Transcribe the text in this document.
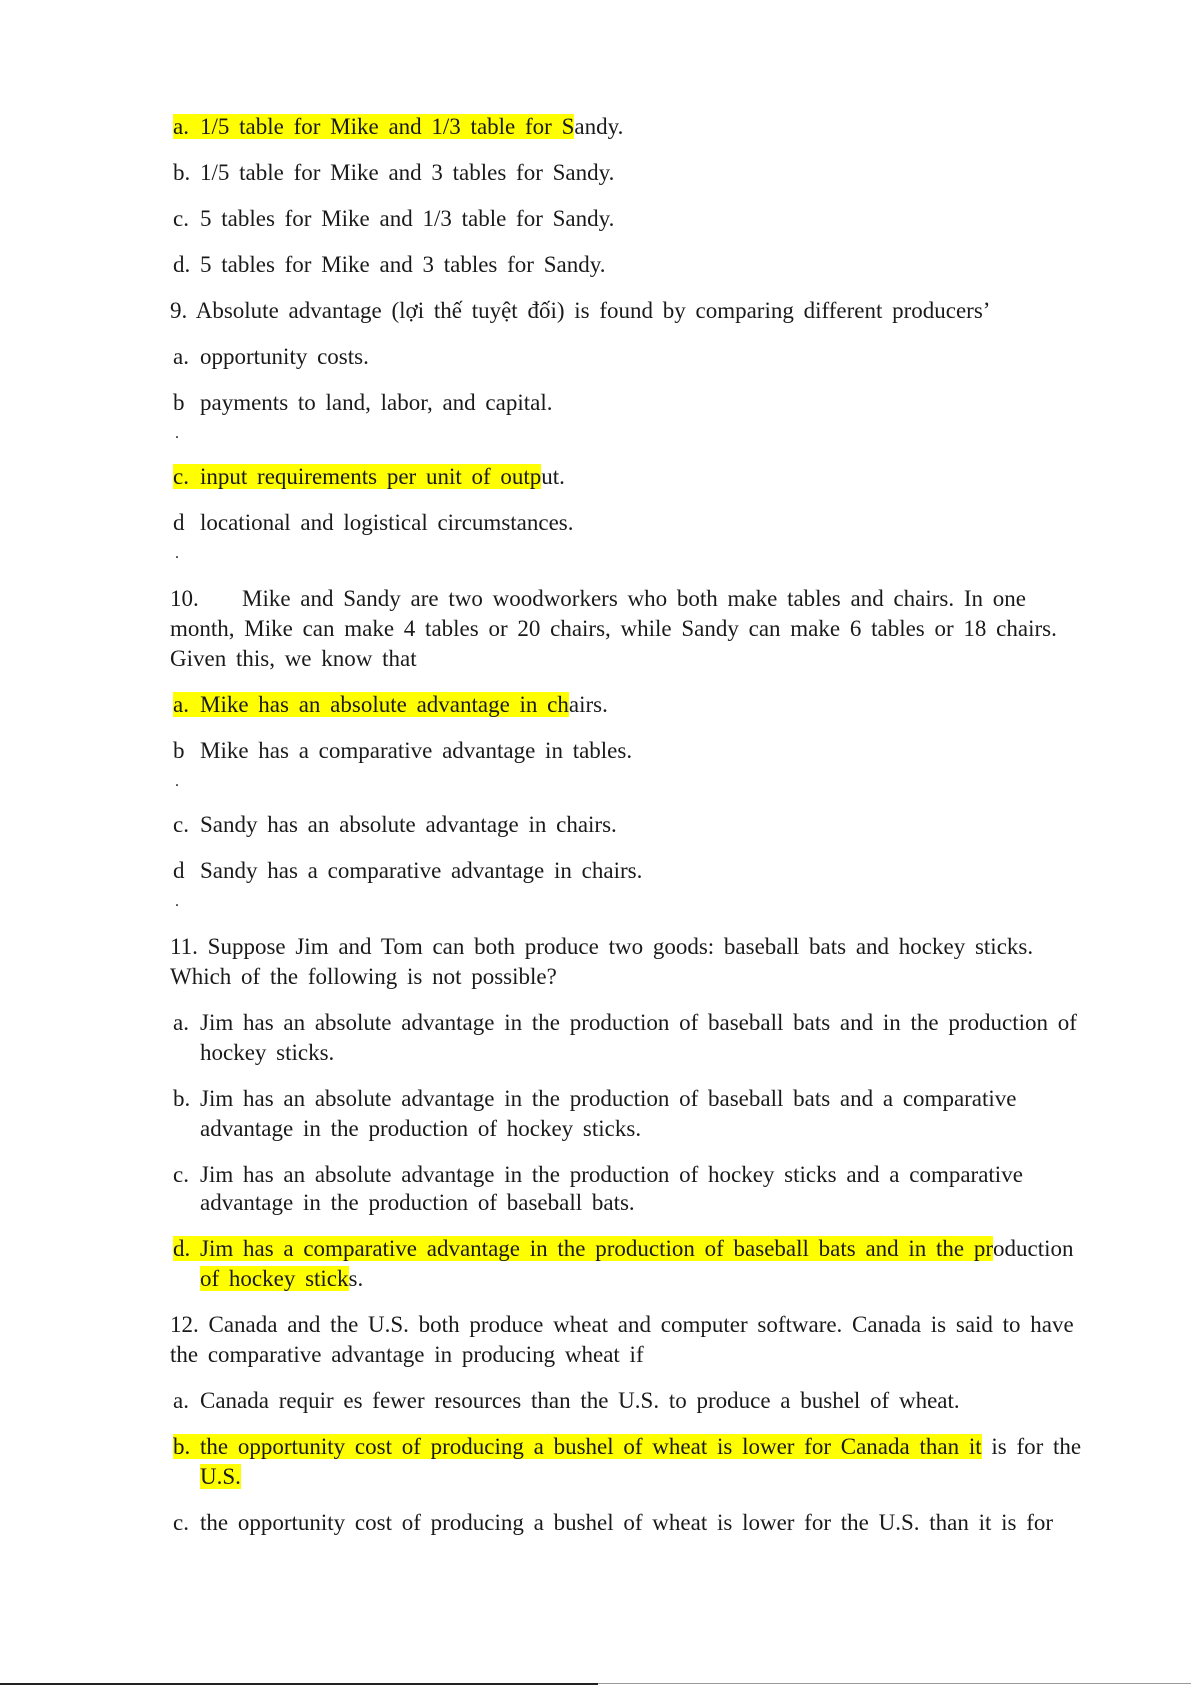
a. 1/5 table for Mike and 1/3 table for Sandy.
b. 1/5 table for Mike and 3 tables for Sandy.
c. 5 tables for Mike and 1/3 table for Sandy.
d. 5 tables for Mike and 3 tables for Sandy.
9. Absolute advantage (lợi thế tuyệt đối) is found by comparing different producers’
a. opportunity costs.
b payments to land, labor, and capital.
.
c. input requirements per unit of output.
d locational and logistical circumstances.
.
10. Mike and Sandy are two woodworkers who both make tables and chairs. In one
month, Mike can make 4 tables or 20 chairs, while Sandy can make 6 tables or 18 chairs.
Given this, we know that
a. Mike has an absolute advantage in chairs.
b Mike has a comparative advantage in tables.
.
c. Sandy has an absolute advantage in chairs.
d Sandy has a comparative advantage in chairs.
.
11. Suppose Jim and Tom can both produce two goods: baseball bats and hockey sticks.
Which of the following is not possible?
a. Jim has an absolute advantage in the production of baseball bats and in the production of
hockey sticks.
b. Jim has an absolute advantage in the production of baseball bats and a comparative
advantage in the production of hockey sticks.
c. Jim has an absolute advantage in the production of hockey sticks and a comparative
advantage in the production of baseball bats.
d. Jim has a comparative advantage in the production of baseball bats and in the production
of hockey sticks.
12. Canada and the U.S. both produce wheat and computer software. Canada is said to have
the comparative advantage in producing wheat if
a. Canada requir es fewer resources than the U.S. to produce a bushel of wheat.
b. the opportunity cost of producing a bushel of wheat is lower for Canada than it is for the
U.S.
c. the opportunity cost of producing a bushel of wheat is lower for the U.S. than it is for
